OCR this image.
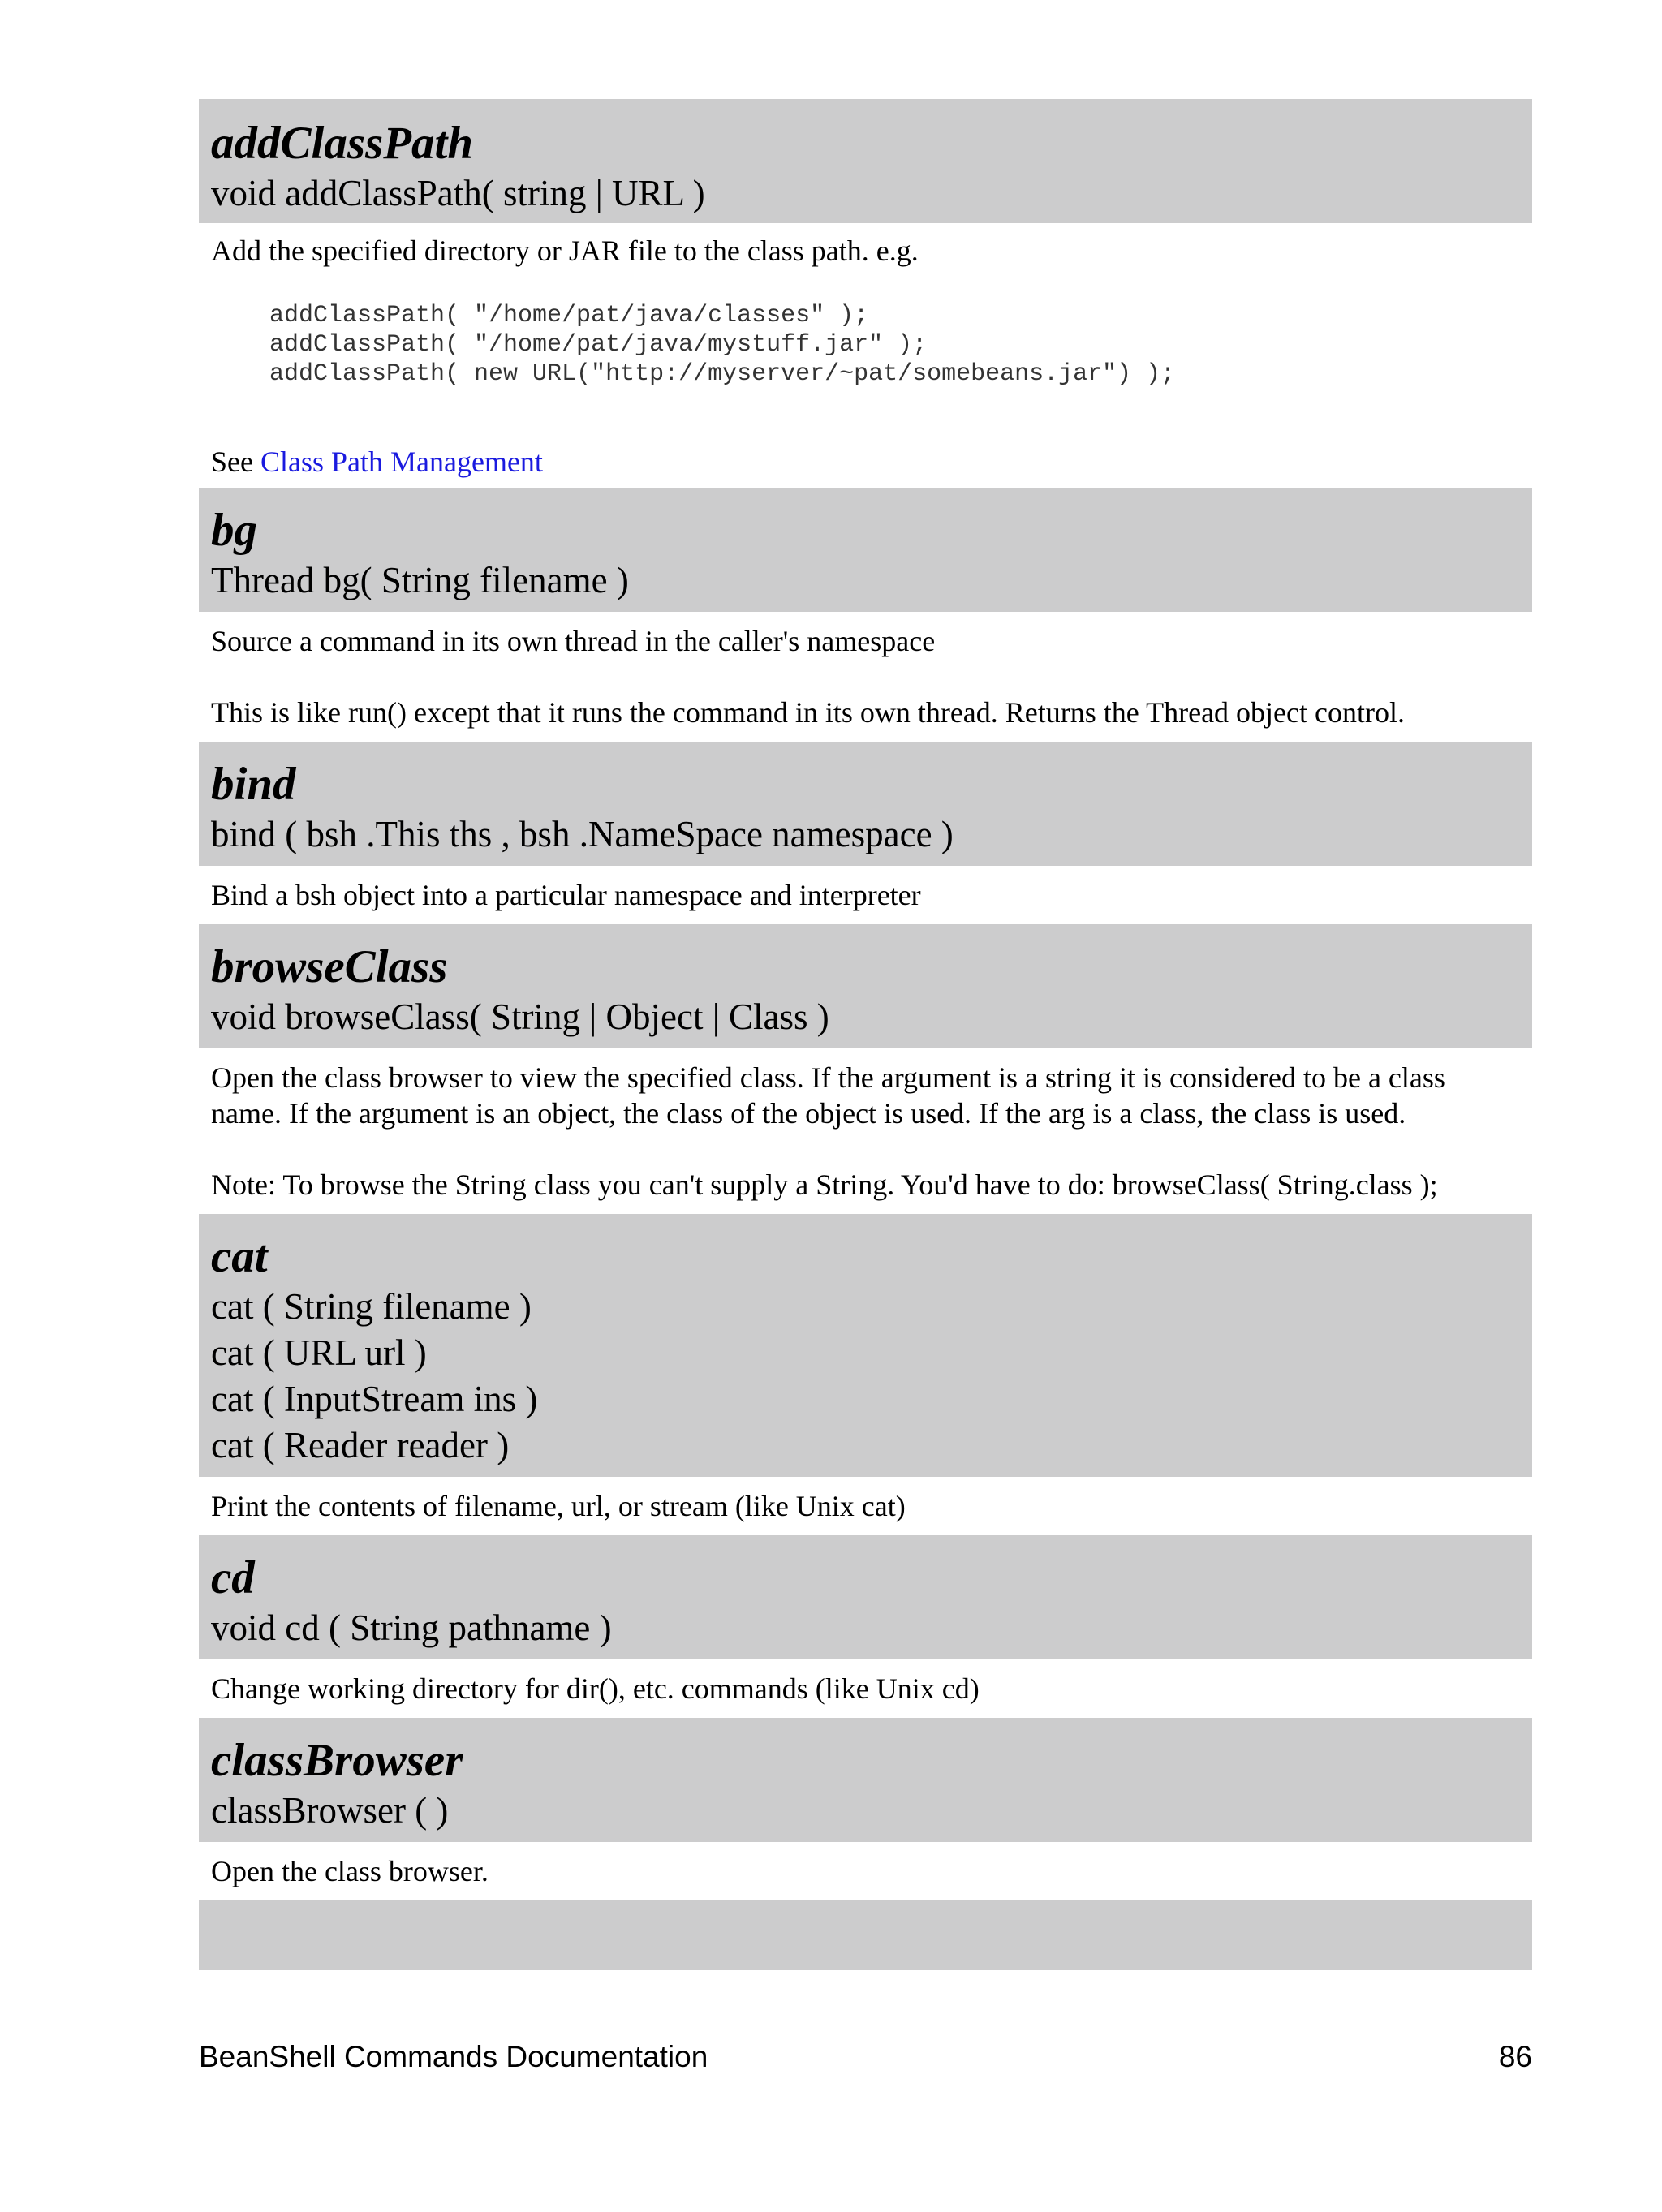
addClassPath
void addClassPath( string | URL )
Add the specified directory or JAR file to the class path. e.g.
addClassPath( "/home/pat/java/classes" );
addClassPath( "/home/pat/java/mystuff.jar" );
addClassPath( new URL("http://myserver/~pat/somebeans.jar") );
See Class Path Management
bg
Thread bg( String filename )
Source a command in its own thread in the caller's namespace
This is like run() except that it runs the command in its own thread. Returns the Thread object control.
bind
bind ( bsh .This ths , bsh .NameSpace namespace )
Bind a bsh object into a particular namespace and interpreter
browseClass
void browseClass( String | Object | Class )
Open the class browser to view the specified class. If the argument is a string it is considered to be a class name. If the argument is an object, the class of the object is used. If the arg is a class, the class is used.
Note: To browse the String class you can't supply a String. You'd have to do: browseClass( String.class );
cat
cat ( String filename )
cat ( URL url )
cat ( InputStream ins )
cat ( Reader reader )
Print the contents of filename, url, or stream (like Unix cat)
cd
void cd ( String pathname )
Change working directory for dir(), etc. commands (like Unix cd)
classBrowser
classBrowser ( )
Open the class browser.
BeanShell Commands Documentation	86
